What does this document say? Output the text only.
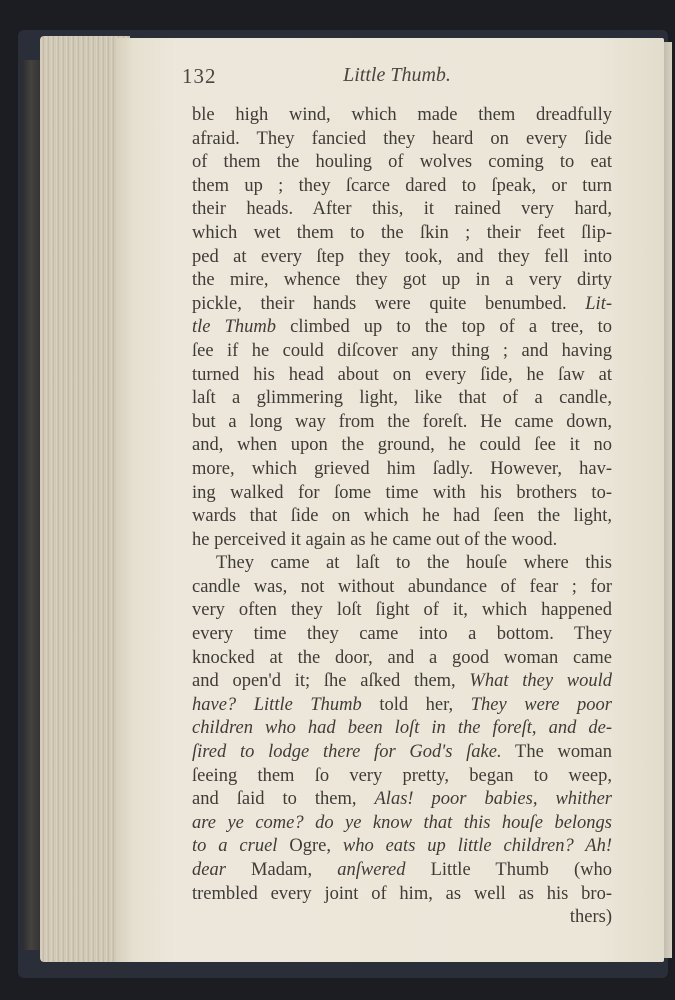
132	Little Thumb.
ble high wind, which made them dreadfully
afraid. They fancied they heard on every ſide
of them the houling of wolves coming to eat
them up ; they ſcarce dared to ſpeak, or turn
their heads. After this, it rained very hard,
which wet them to the ſkin ; their feet ſlip-
ped at every ſtep they took, and they fell into
the mire, whence they got up in a very dirty
pickle, their hands were quite benumbed. Lit-
tle Thumb climbed up to the top of a tree, to
ſee if he could diſcover any thing ; and having
turned his head about on every ſide, he ſaw at
laſt a glimmering light, like that of a candle,
but a long way from the foreſt. He came down,
and, when upon the ground, he could ſee it no
more, which grieved him ſadly. However, hav-
ing walked for ſome time with his brothers to-
wards that ſide on which he had ſeen the light,
he perceived it again as he came out of the wood.
They came at laſt to the houſe where this
candle was, not without abundance of fear ; for
very often they loſt ſight of it, which happened
every time they came into a bottom. They
knocked at the door, and a good woman came
and open'd it; ſhe aſked them, What they would
have? Little Thumb told her, They were poor
children who had been loſt in the foreſt, and de-
ſired to lodge there for God's ſake. The woman
ſeeing them ſo very pretty, began to weep,
and ſaid to them, Alas! poor babies, whither
are ye come? do ye know that this houſe belongs
to a cruel Ogre, who eats up little children? Ah!
dear Madam, anſwered Little Thumb (who
trembled every joint of him, as well as his bro-
thers)
